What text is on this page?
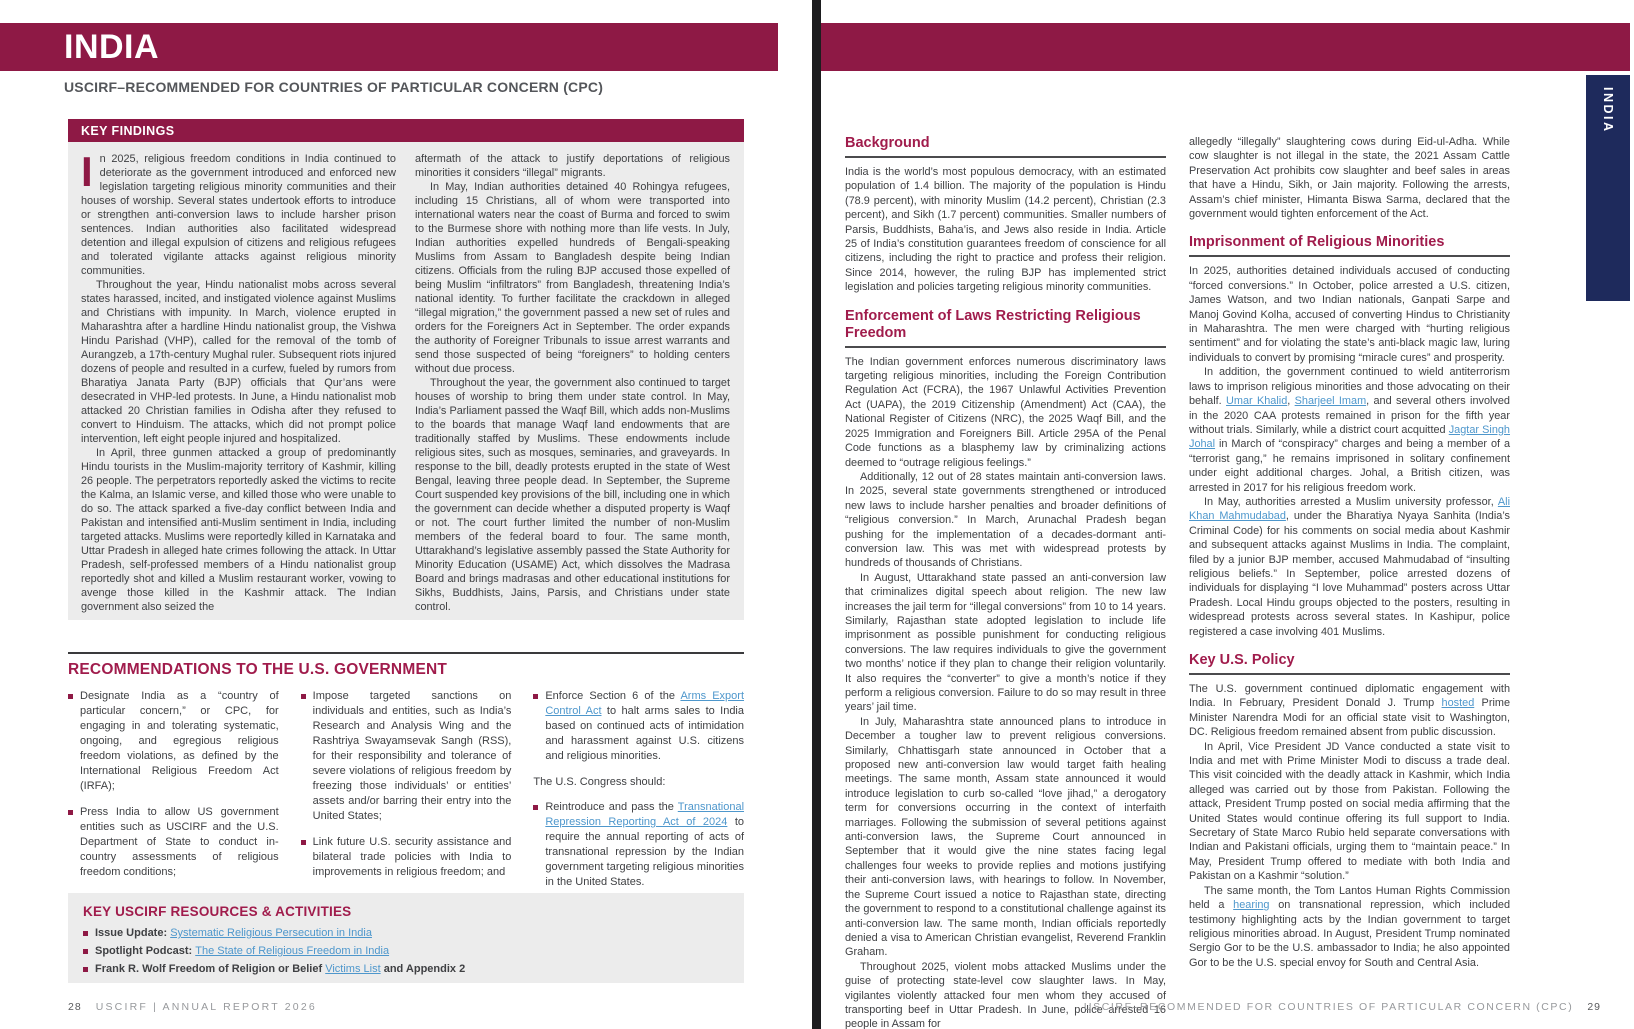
INDIA
USCIRF–RECOMMENDED FOR COUNTRIES OF PARTICULAR CONCERN (CPC)
KEY FINDINGS

In 2025, religious freedom conditions in India continued to deteriorate as the government introduced and enforced new legislation targeting religious minority communities and their houses of worship. Several states undertook efforts to introduce or strengthen anti-conversion laws to include harsher prison sentences. Indian authorities also facilitated widespread detention and illegal expulsion of citizens and religious refugees and tolerated vigilante attacks against religious minority communities.

Throughout the year, Hindu nationalist mobs across several states harassed, incited, and instigated violence against Muslims and Christians with impunity. In March, violence erupted in Maharashtra after a hardline Hindu nationalist group, the Vishwa Hindu Parishad (VHP), called for the removal of the tomb of Aurangzeb, a 17th-century Mughal ruler. Subsequent riots injured dozens of people and resulted in a curfew, fueled by rumors from Bharatiya Janata Party (BJP) officials that Qur’ans were desecrated in VHP-led protests. In June, a Hindu nationalist mob attacked 20 Christian families in Odisha after they refused to convert to Hinduism. The attacks, which did not prompt police intervention, left eight people injured and hospitalized.

In April, three gunmen attacked a group of predominantly Hindu tourists in the Muslim-majority territory of Kashmir, killing 26 people. The perpetrators reportedly asked the victims to recite the Kalma, an Islamic verse, and killed those who were unable to do so. The attack sparked a five-day conflict between India and Pakistan and intensified anti-Muslim sentiment in India, including targeted attacks. Muslims were reportedly killed in Karnataka and Uttar Pradesh in alleged hate crimes following the attack. In Uttar Pradesh, self-professed members of a Hindu nationalist group reportedly shot and killed a Muslim restaurant worker, vowing to avenge those killed in the Kashmir attack. The Indian government also seized the

aftermath of the attack to justify deportations of religious minorities it considers “illegal” migrants.

In May, Indian authorities detained 40 Rohingya refugees, including 15 Christians, all of whom were transported into international waters near the coast of Burma and forced to swim to the Burmese shore with nothing more than life vests. In July, Indian authorities expelled hundreds of Bengali-speaking Muslims from Assam to Bangladesh despite being Indian citizens. Officials from the ruling BJP accused those expelled of being Muslim “infiltrators” from Bangladesh, threatening India’s national identity. To further facilitate the crackdown in alleged “illegal migration,” the government passed a new set of rules and orders for the Foreigners Act in September. The order expands the authority of Foreigner Tribunals to issue arrest warrants and send those suspected of being “foreigners” to holding centers without due process.

Throughout the year, the government also continued to target houses of worship to bring them under state control. In May, India’s Parliament passed the Waqf Bill, which adds non-Muslims to the boards that manage Waqf land endowments that are traditionally staffed by Muslims. These endowments include religious sites, such as mosques, seminaries, and graveyards. In response to the bill, deadly protests erupted in the state of West Bengal, leaving three people dead. In September, the Supreme Court suspended key provisions of the bill, including one in which the government can decide whether a disputed property is Waqf or not. The court further limited the number of non-Muslim members of the federal board to four. The same month, Uttarakhand’s legislative assembly passed the State Authority for Minority Education (USAME) Act, which dissolves the Madrasa Board and brings madrasas and other educational institutions for Sikhs, Buddhists, Jains, Parsis, and Christians under state control.

RECOMMENDATIONS TO THE U.S. GOVERNMENT
Designate India as a “country of particular concern,” or CPC, for engaging in and tolerating systematic, ongoing, and egregious religious freedom violations, as defined by the International Religious Freedom Act (IRFA);
Press India to allow US government entities such as USCIRF and the U.S. Department of State to conduct in-country assessments of religious freedom conditions;
Impose targeted sanctions on individuals and entities, such as India’s Research and Analysis Wing and the Rashtriya Swayamsevak Sangh (RSS), for their responsibility and tolerance of severe violations of religious freedom by freezing those individuals’ or entities’ assets and/or barring their entry into the United States;
Link future U.S. security assistance and bilateral trade policies with India to improvements in religious freedom; and
Enforce Section 6 of the Arms Export Control Act to halt arms sales to India based on continued acts of intimidation and harassment against U.S. citizens and religious minorities.

The U.S. Congress should:

Reintroduce and pass the Transnational Repression Reporting Act of 2024 to require the annual reporting of acts of transnational repression by the Indian government targeting religious minorities in the United States.
KEY USCIRF RESOURCES & ACTIVITIES
Issue Update: Systematic Religious Persecution in India
Spotlight Podcast: The State of Religious Freedom in India
Frank R. Wolf Freedom of Religion or Belief Victims List and Appendix 2
28 USCIRF | ANNUAL REPORT 2026
INDIA
Background

India is the world’s most populous democracy, with an estimated population of 1.4 billion. The majority of the population is Hindu (78.9 percent), with minority Muslim (14.2 percent), Christian (2.3 percent), and Sikh (1.7 percent) communities. Smaller numbers of Parsis, Buddhists, Baha’is, and Jews also reside in India. Article 25 of India’s constitution guarantees freedom of conscience for all citizens, including the right to practice and profess their religion. Since 2014, however, the ruling BJP has implemented strict legislation and policies targeting religious minority communities.

Enforcement of Laws Restricting Religious Freedom

The Indian government enforces numerous discriminatory laws targeting religious minorities, including the Foreign Contribution Regulation Act (FCRA), the 1967 Unlawful Activities Prevention Act (UAPA), the 2019 Citizenship (Amendment) Act (CAA), the National Register of Citizens (NRC), the 2025 Waqf Bill, and the 2025 Immigration and Foreigners Bill. Article 295A of the Penal Code functions as a blasphemy law by criminalizing actions deemed to “outrage religious feelings.”

Additionally, 12 out of 28 states maintain anti-conversion laws. In 2025, several state governments strengthened or introduced new laws to include harsher penalties and broader definitions of “religious conversion.” In March, Arunachal Pradesh began pushing for the implementation of a decades-dormant anti-conversion law. This was met with widespread protests by hundreds of thousands of Christians.

In August, Uttarakhand state passed an anti-conversion law that criminalizes digital speech about religion. The new law increases the jail term for “illegal conversions” from 10 to 14 years. Similarly, Rajasthan state adopted legislation to include life imprisonment as possible punishment for conducting religious conversions. The law requires individuals to give the government two months’ notice if they plan to change their religion voluntarily. It also requires the “converter” to give a month’s notice if they perform a religious conversion. Failure to do so may result in three years’ jail time.

In July, Maharashtra state announced plans to introduce in December a tougher law to prevent religious conversions. Similarly, Chhattisgarh state announced in October that a proposed new anti-conversion law would target faith healing meetings. The same month, Assam state announced it would introduce legislation to curb so-called “love jihad,” a derogatory term for conversions occurring in the context of interfaith marriages. Following the submission of several petitions against anti-conversion laws, the Supreme Court announced in September that it would give the nine states facing legal challenges four weeks to provide replies and motions justifying their anti-conversion laws, with hearings to follow. In November, the Supreme Court issued a notice to Rajasthan state, directing the government to respond to a constitutional challenge against its anti-conversion law. The same month, Indian officials reportedly denied a visa to American Christian evangelist, Reverend Franklin Graham.

Throughout 2025, violent mobs attacked Muslims under the guise of protecting state-level cow slaughter laws. In May, vigilantes violently attacked four men whom they accused of transporting beef in Uttar Pradesh. In June, police arrested 16 people in Assam for

allegedly “illegally” slaughtering cows during Eid-ul-Adha. While cow slaughter is not illegal in the state, the 2021 Assam Cattle Preservation Act prohibits cow slaughter and beef sales in areas that have a Hindu, Sikh, or Jain majority. Following the arrests, Assam’s chief minister, Himanta Biswa Sarma, declared that the government would tighten enforcement of the Act.

Imprisonment of Religious Minorities

In 2025, authorities detained individuals accused of conducting “forced conversions.” In October, police arrested a U.S. citizen, James Watson, and two Indian nationals, Ganpati Sarpe and Manoj Govind Kolha, accused of converting Hindus to Christianity in Maharashtra. The men were charged with “hurting religious sentiment” and for violating the state’s anti-black magic law, luring individuals to convert by promising “miracle cures” and prosperity.

In addition, the government continued to wield antiterrorism laws to imprison religious minorities and those advocating on their behalf. Umar Khalid, Sharjeel Imam, and several others involved in the 2020 CAA protests remained in prison for the fifth year without trials. Similarly, while a district court acquitted Jagtar Singh Johal in March of “conspiracy” charges and being a member of a “terrorist gang,” he remains imprisoned in solitary confinement under eight additional charges. Johal, a British citizen, was arrested in 2017 for his religious freedom work.

In May, authorities arrested a Muslim university professor, Ali Khan Mahmudabad, under the Bharatiya Nyaya Sanhita (India’s Criminal Code) for his comments on social media about Kashmir and subsequent attacks against Muslims in India. The complaint, filed by a junior BJP member, accused Mahmudabad of “insulting religious beliefs.” In September, police arrested dozens of individuals for displaying “I love Muhammad” posters across Uttar Pradesh. Local Hindu groups objected to the posters, resulting in widespread protests across several states. In Kashipur, police registered a case involving 401 Muslims.

Key U.S. Policy

The U.S. government continued diplomatic engagement with India. In February, President Donald J. Trump hosted Prime Minister Narendra Modi for an official state visit to Washington, DC. Religious freedom remained absent from public discussion.

In April, Vice President JD Vance conducted a state visit to India and met with Prime Minister Modi to discuss a trade deal. This visit coincided with the deadly attack in Kashmir, which India alleged was carried out by those from Pakistan. Following the attack, President Trump posted on social media affirming that the United States would continue offering its full support to India. Secretary of State Marco Rubio held separate conversations with Indian and Pakistani officials, urging them to “maintain peace.” In May, President Trump offered to mediate with both India and Pakistan on a Kashmir “solution.”

The same month, the Tom Lantos Human Rights Commission held a hearing on transnational repression, which included testimony highlighting acts by the Indian government to target religious minorities abroad. In August, President Trump nominated Sergio Gor to be the U.S. ambassador to India; he also appointed Gor to be the U.S. special envoy for South and Central Asia.

USCIRF–RECOMMENDED FOR COUNTRIES OF PARTICULAR CONCERN (CPC) 29
